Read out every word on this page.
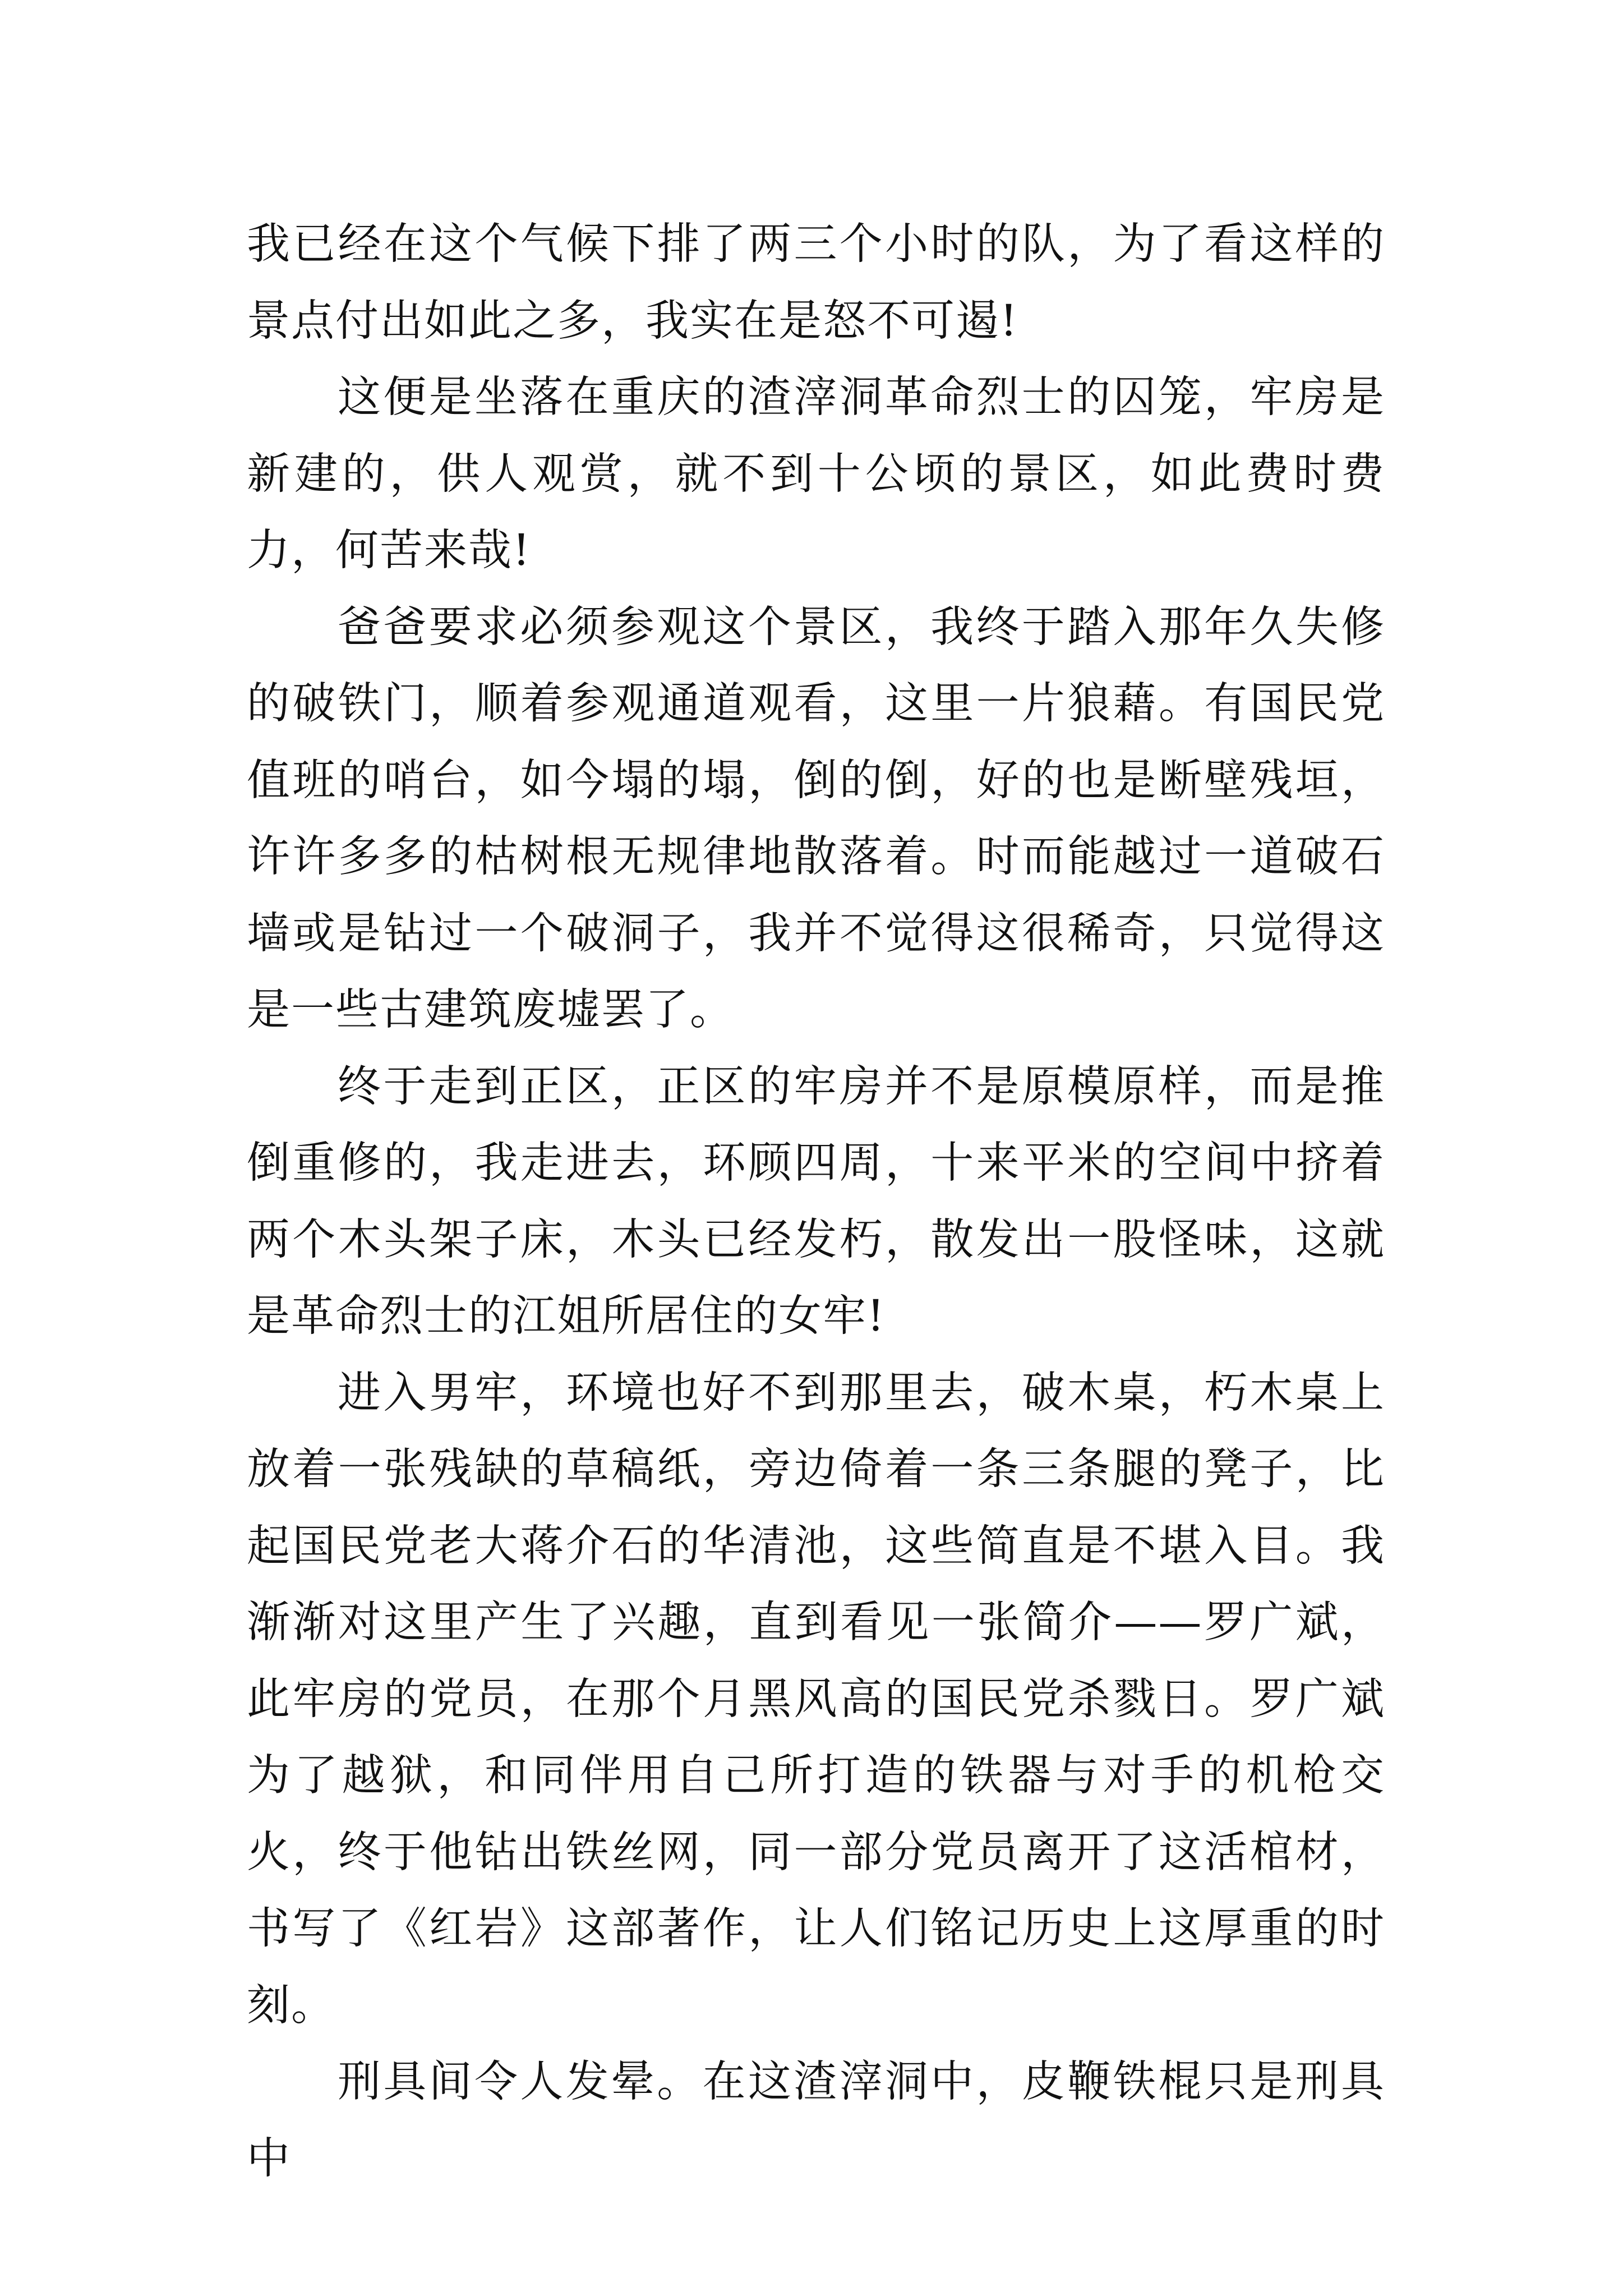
我已经在这个气候下排了两三个小时的队，为了看这样的景点付出如此之多，我实在是怒不可遏!

这便是坐落在重庆的渣滓洞革命烈士的囚笼，牢房是新建的，供人观赏，就不到十公顷的景区，如此费时费力，何苦来哉!

爸爸要求必须参观这个景区，我终于踏入那年久失修的破铁门，顺着参观通道观看，这里一片狼藉。有国民党值班的哨台，如今塌的塌，倒的倒，好的也是断壁残垣，许许多多的枯树根无规律地散落着。时而能越过一道破石墙或是钻过一个破洞子，我并不觉得这很稀奇，只觉得这是一些古建筑废墟罢了。

终于走到正区，正区的牢房并不是原模原样，而是推倒重修的，我走进去，环顾四周，十来平米的空间中挤着两个木头架子床，木头已经发朽，散发出一股怪味，这就是革命烈士的江姐所居住的女牢!

进入男牢，环境也好不到那里去，破木桌，朽木桌上放着一张残缺的草稿纸，旁边倚着一条三条腿的凳子，比起国民党老大蒋介石的华清池，这些简直是不堪入目。我渐渐对这里产生了兴趣，直到看见一张简介——罗广斌，此牢房的党员，在那个月黑风高的国民党杀戮日。罗广斌为了越狱，和同伴用自己所打造的铁器与对手的机枪交火，终于他钻出铁丝网，同一部分党员离开了这活棺材，书写了《红岩》这部著作，让人们铭记历史上这厚重的时刻。

刑具间令人发晕。在这渣滓洞中，皮鞭铁棍只是刑具中
